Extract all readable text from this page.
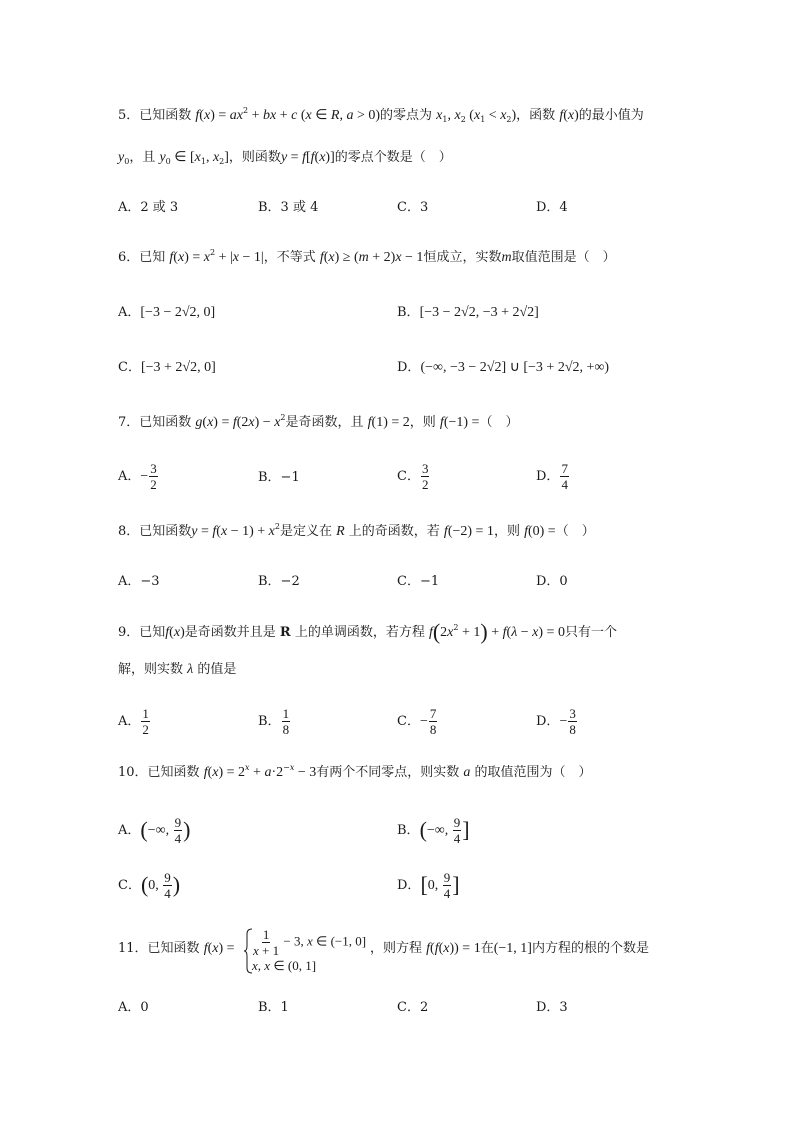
5．已知函数 $f(x) = ax^2$ + bx + c (x ∈ R, a > 0)的零点为 $x_1$, $x_2$ $(x_1 < x_2)$，函数 f(x)的最小值为
$y_0$，且 $y_0$ ∈ [$x_1$, $x_2$]，则函数y = f[f(x)]的零点个数是（　）
A．2 或 3	B．3 或 4	C．3	D．4
6．已知 $f(x) = x^2 + |x - 1|$，不等式 f(x) ≥ (m + 2)x − 1恒成立，实数m取值范围是（　）
A．[−3 − 2√2, 0]	B．[−3 − 2√2, −3 + 2√2]
C．[−3 + 2√2, 0]	D．(−∞, −3 − 2√2] ∪ [−3 + 2√2, +∞)
7．已知函数 $g(x) = f(2x) - x^2$是奇函数，且 f(1) = 2，则 f(−1) =（　）
A．− $\frac{3}{2}$	B．−1	C． $\frac{3}{2}$	D． $\frac{7}{4}$
8．已知函数$y = f(x - 1) + x^2$是定义在 R 上的奇函数，若 f(−2) = 1，则 f(0) =（　）
A．−3	B．−2	C．−1	D．0
9．已知f(x)是奇函数并且是 R 上的单调函数，若方程 $f(2x^2 + 1) + f(\lambda - x) = 0$只有一个
解，则实数 λ 的值是
A． $\frac{1}{2}$	B． $\frac{1}{8}$	C．− $\frac{7}{8}$	D．− $\frac{3}{8}$
10．已知函数 $f(x) = 2^x + a\cdot 2^{-x} - 3$有两个不同零点，则实数 a 的取值范围为（　）
A．(−∞, $\frac{9}{4}$ )	B．(−∞, $\frac{9}{4}$ ]
C．(0, $\frac{9}{4}$ )	D．[0, $\frac{9}{4}$ ]
11．已知函数 $f(x) = \frac{1}{x + 1} - 3$, x ∈ (−1, 0]
x, x ∈ (0, 1]
，则方程 f(f(x)) = 1在(−1, 1]内方程的根的个数是
A．0	B．1	C．2	D．3
